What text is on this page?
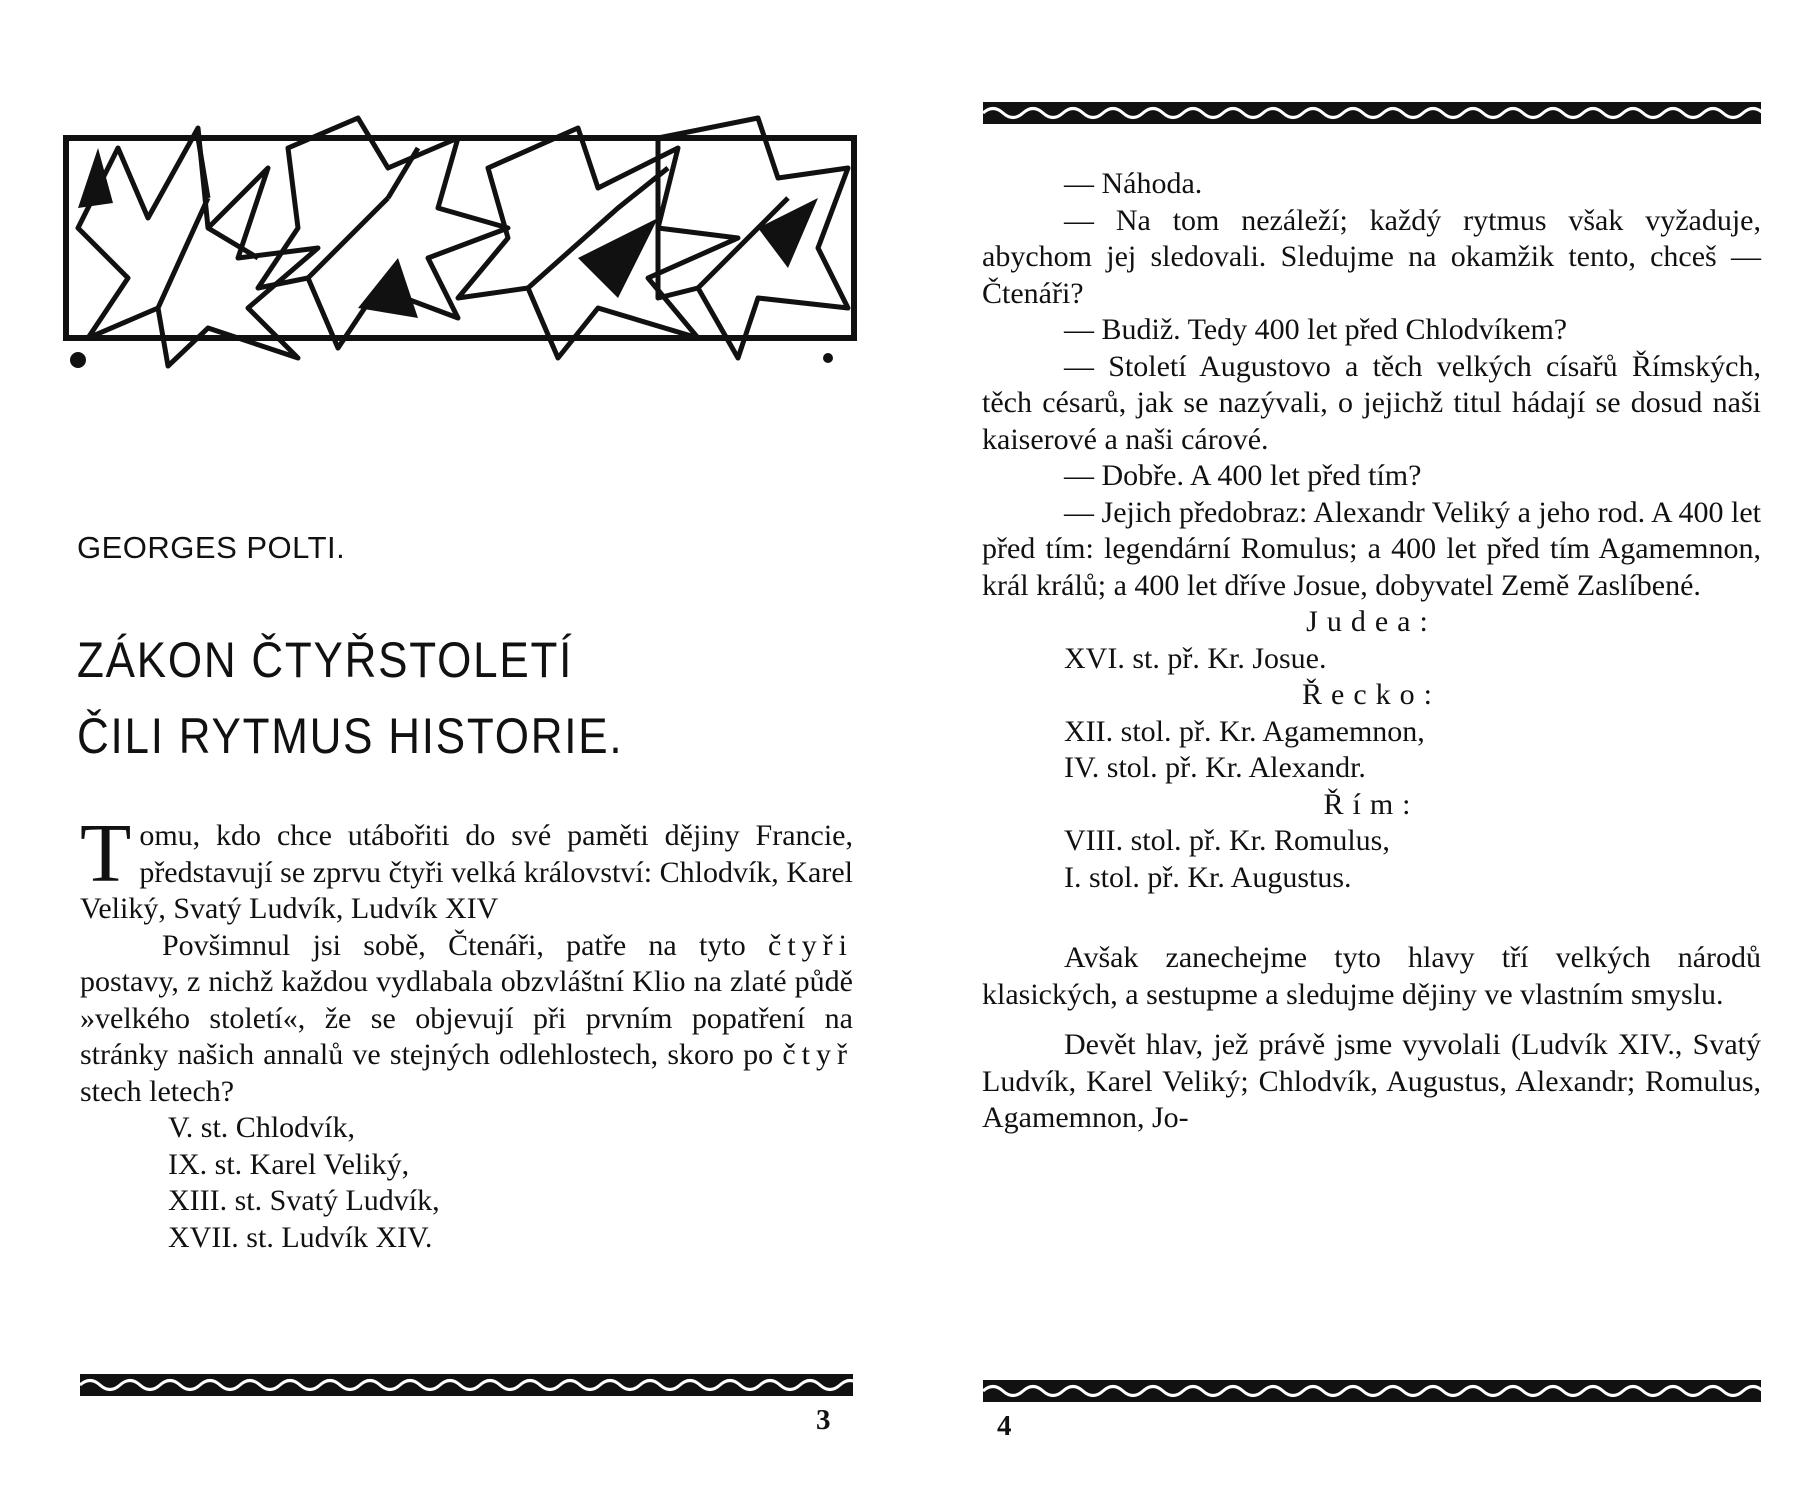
GEORGES POLTI.
ZÁKON ČTYŘSTOLETÍ
ČILI RYTMUS HISTORIE.

Tomu, kdo chce utábořiti do své paměti dějiny Francie, představují se zprvu čtyři velká království: Chlodvík, Karel Veliký, Svatý Ludvík, Ludvík XIV

Povšimnul jsi sobě, Čtenáři, patře na tyto čtyři postavy, z nichž každou vydlabala obzvláštní Klio na zlaté půdě »velkého století«, že se objevují při prvním popatření na stránky našich annalů ve stejných odlehlostech, skoro po čtyř stech letech?

V. st. Chlodvík,
IX. st. Karel Veliký,
XIII. st. Svatý Ludvík,
XVII. st. Ludvík XIV.
3

— Náhoda.

— Na tom nezáleží; každý rytmus však vyžaduje, abychom jej sledovali. Sledujme na okamžik tento, chceš — Čtenáři?

— Budiž. Tedy 400 let před Chlodvíkem?

— Století Augustovo a těch velkých císařů Římských, těch césarů, jak se nazývali, o jejichž titul hádají se dosud naši kaiserové a naši cárové.

— Dobře. A 400 let před tím?

— Jejich předobraz: Alexandr Veliký a jeho rod. A 400 let před tím: legendární Romulus; a 400 let před tím Agamemnon, král králů; a 400 let dříve Josue, dobyvatel Země Zaslíbené.

Judea:

XVI. st. př. Kr. Josue.

Řecko:

XII. stol. př. Kr. Agamemnon,

IV. stol. př. Kr. Alexandr.

Řím:

VIII. stol. př. Kr. Romulus,

I. stol. př. Kr. Augustus.

Avšak zanechejme tyto hlavy tří velkých národů klasických, a sestupme a sledujme dějiny ve vlastním smyslu.

Devět hlav, jež právě jsme vyvolali (Ludvík XIV., Svatý Ludvík, Karel Veliký; Chlodvík, Augustus, Alexandr; Romulus, Agamemnon, Jo-

4
